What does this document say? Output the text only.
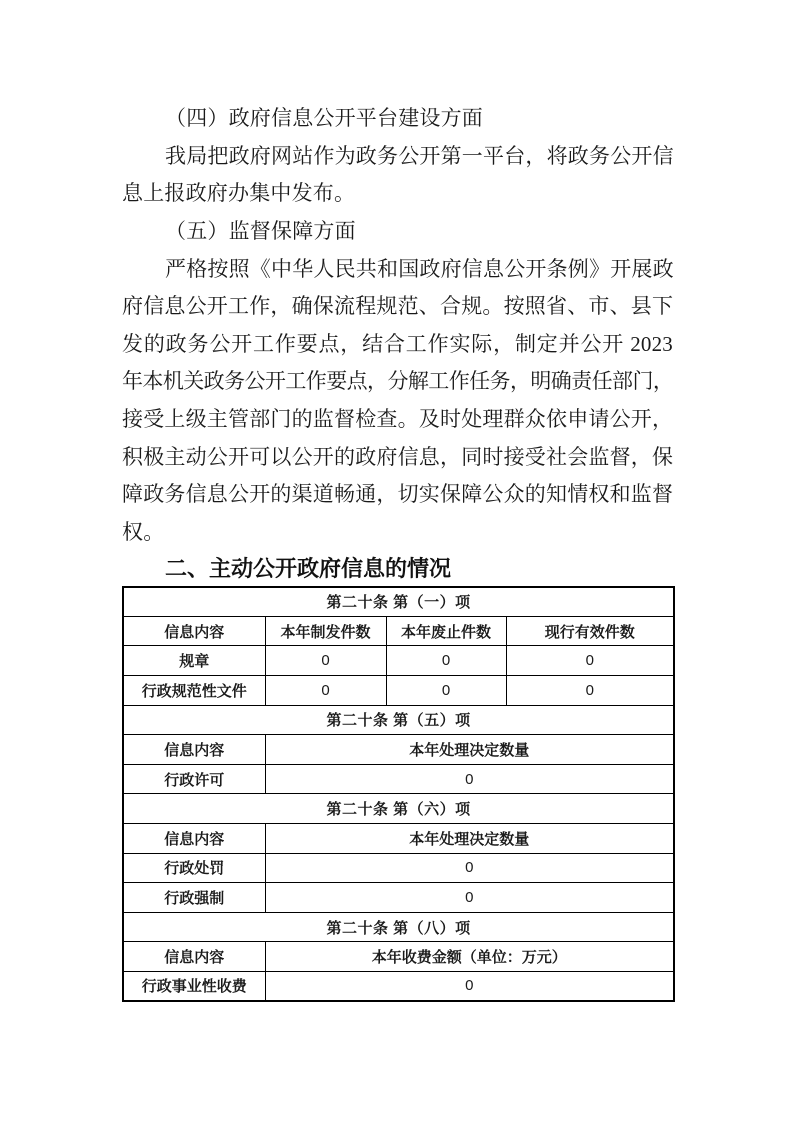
（四）政府信息公开平台建设方面
我局把政府网站作为政务公开第一平台，将政务公开信
息上报政府办集中发布。
（五）监督保障方面
严格按照《中华人民共和国政府信息公开条例》开展政
府信息公开工作，确保流程规范、合规。按照省、市、县下
发的政务公开工作要点，结合工作实际，制定并公开 2023
年本机关政务公开工作要点，分解工作任务，明确责任部门，
接受上级主管部门的监督检查。及时处理群众依申请公开，
积极主动公开可以公开的政府信息，同时接受社会监督，保
障政务信息公开的渠道畅通，切实保障公众的知情权和监督
权。
二、主动公开政府信息的情况
第二十条 第（一）项			
信息内容	本年制发件数	本年废止件数	现行有效件数
规章	0	0	0
行政规范性文件	0	0	0
第二十条 第（五）项			
信息内容	本年处理决定数量		
行政许可	0		
第二十条 第（六）项			
信息内容	本年处理决定数量		
行政处罚	0		
行政强制	0		
第二十条 第（八）项			
信息内容	本年收费金额（单位：万元）		
行政事业性收费	0		
